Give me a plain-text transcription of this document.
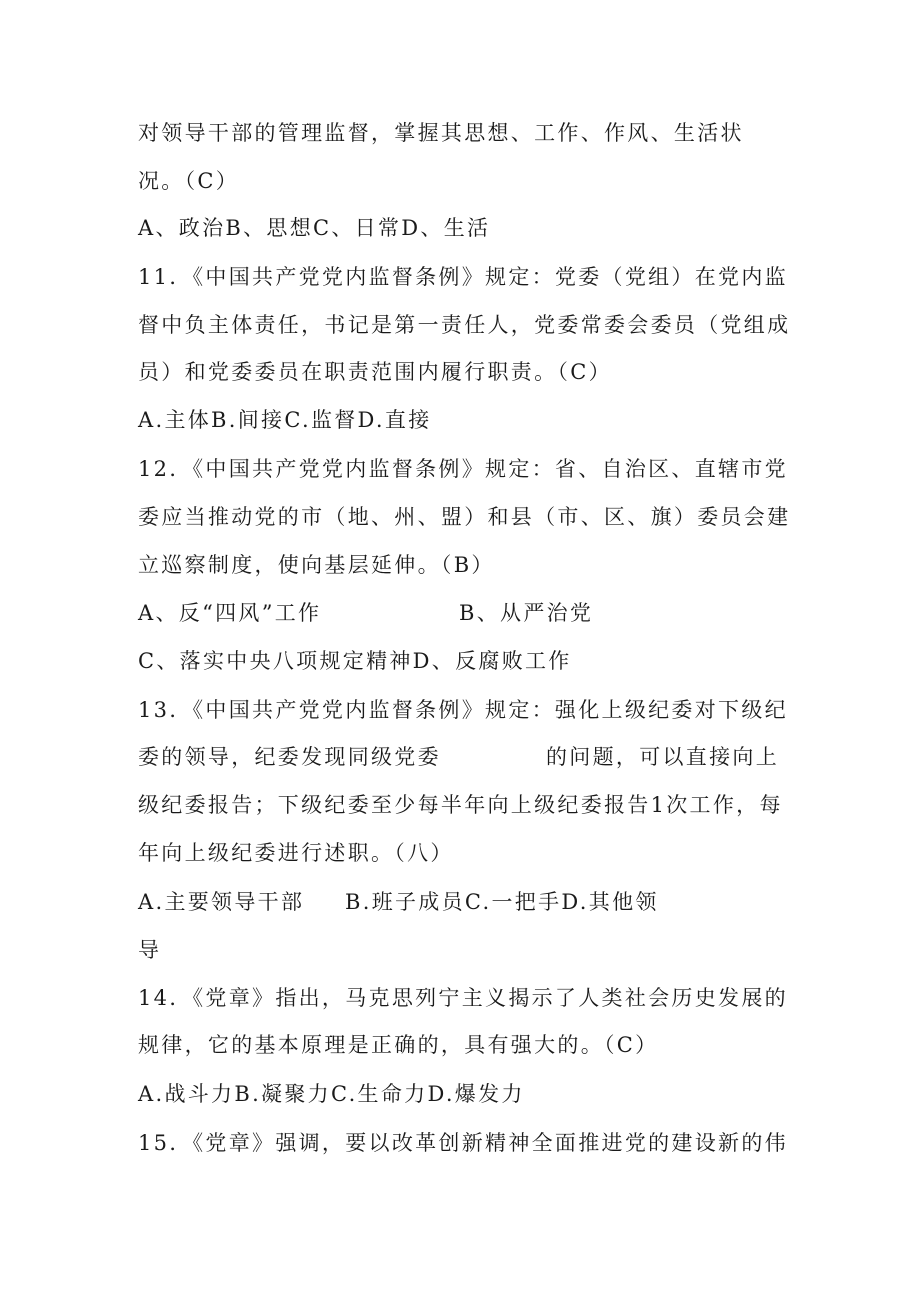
对领导干部的管理监督，掌握其思想、工作、作风、生活状
况。（C）
A、政治B、思想C、日常D、生活
11．《中国共产党党内监督条例》规定：党委（党组）在党内监
督中负主体责任，书记是第一责任人，党委常委会委员（党组成
员）和党委委员在职责范围内履行职责。（C）
A.主体B.间接C.监督D.直接
12．《中国共产党党内监督条例》规定：省、自治区、直辖市党
委应当推动党的市（地、州、盟）和县（市、区、旗）委员会建
立巡察制度，使向基层延伸。（B）
A、反“四风”工作	B、从严治党
C、落实中央八项规定精神D、反腐败工作
13．《中国共产党党内监督条例》规定：强化上级纪委对下级纪
委的领导，纪委发现同级党委	的问题，可以直接向上
级纪委报告；下级纪委至少每半年向上级纪委报告1次工作，每
年向上级纪委进行述职。（八）
A.主要领导干部 B.班子成员C.一把手D.其他领
导
14．《党章》指出，马克思列宁主义揭示了人类社会历史发展的
规律，它的基本原理是正确的，具有强大的。（C）
A.战斗力B.凝聚力C.生命力D.爆发力
15．《党章》强调，要以改革创新精神全面推进党的建设新的伟
